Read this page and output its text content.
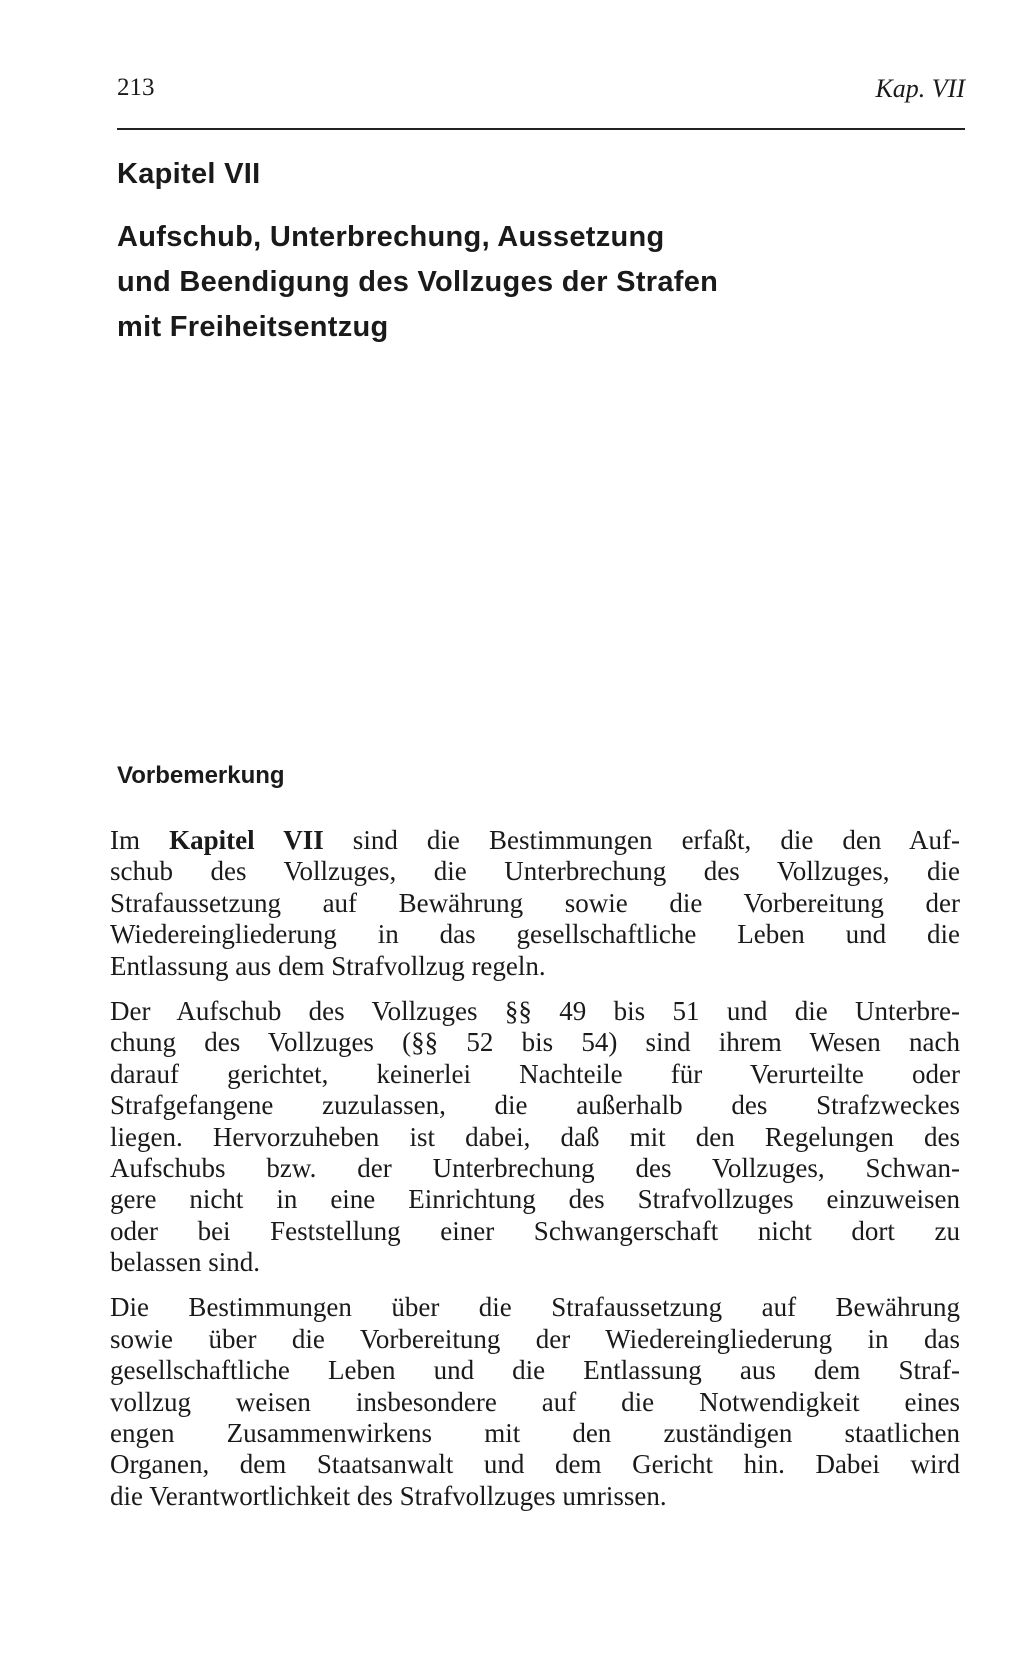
213	Kap. VII
Kapitel VII
Aufschub, Unterbrechung, Aussetzung
und Beendigung des Vollzuges der Strafen
mit Freiheitsentzug
Vorbemerkung
Im Kapitel VII sind die Bestimmungen erfaßt, die den Auf-
schub des Vollzuges, die Unterbrechung des Vollzuges, die
Strafaussetzung auf Bewährung sowie die Vorbereitung der
Wiedereingliederung in das gesellschaftliche Leben und die
Entlassung aus dem Strafvollzug regeln.
Der Aufschub des Vollzuges §§ 49 bis 51 und die Unterbre-
chung des Vollzuges (§§ 52 bis 54) sind ihrem Wesen nach
darauf gerichtet, keinerlei Nachteile für Verurteilte oder
Strafgefangene zuzulassen, die außerhalb des Strafzweckes
liegen. Hervorzuheben ist dabei, daß mit den Regelungen des
Aufschubs bzw. der Unterbrechung des Vollzuges, Schwan-
gere nicht in eine Einrichtung des Strafvollzuges einzuweisen
oder bei Feststellung einer Schwangerschaft nicht dort zu
belassen sind.
Die Bestimmungen über die Strafaussetzung auf Bewährung
sowie über die Vorbereitung der Wiedereingliederung in das
gesellschaftliche Leben und die Entlassung aus dem Straf-
vollzug weisen insbesondere auf die Notwendigkeit eines
engen Zusammenwirkens mit den zuständigen staatlichen
Organen, dem Staatsanwalt und dem Gericht hin. Dabei wird
die Verantwortlichkeit des Strafvollzuges umrissen.
